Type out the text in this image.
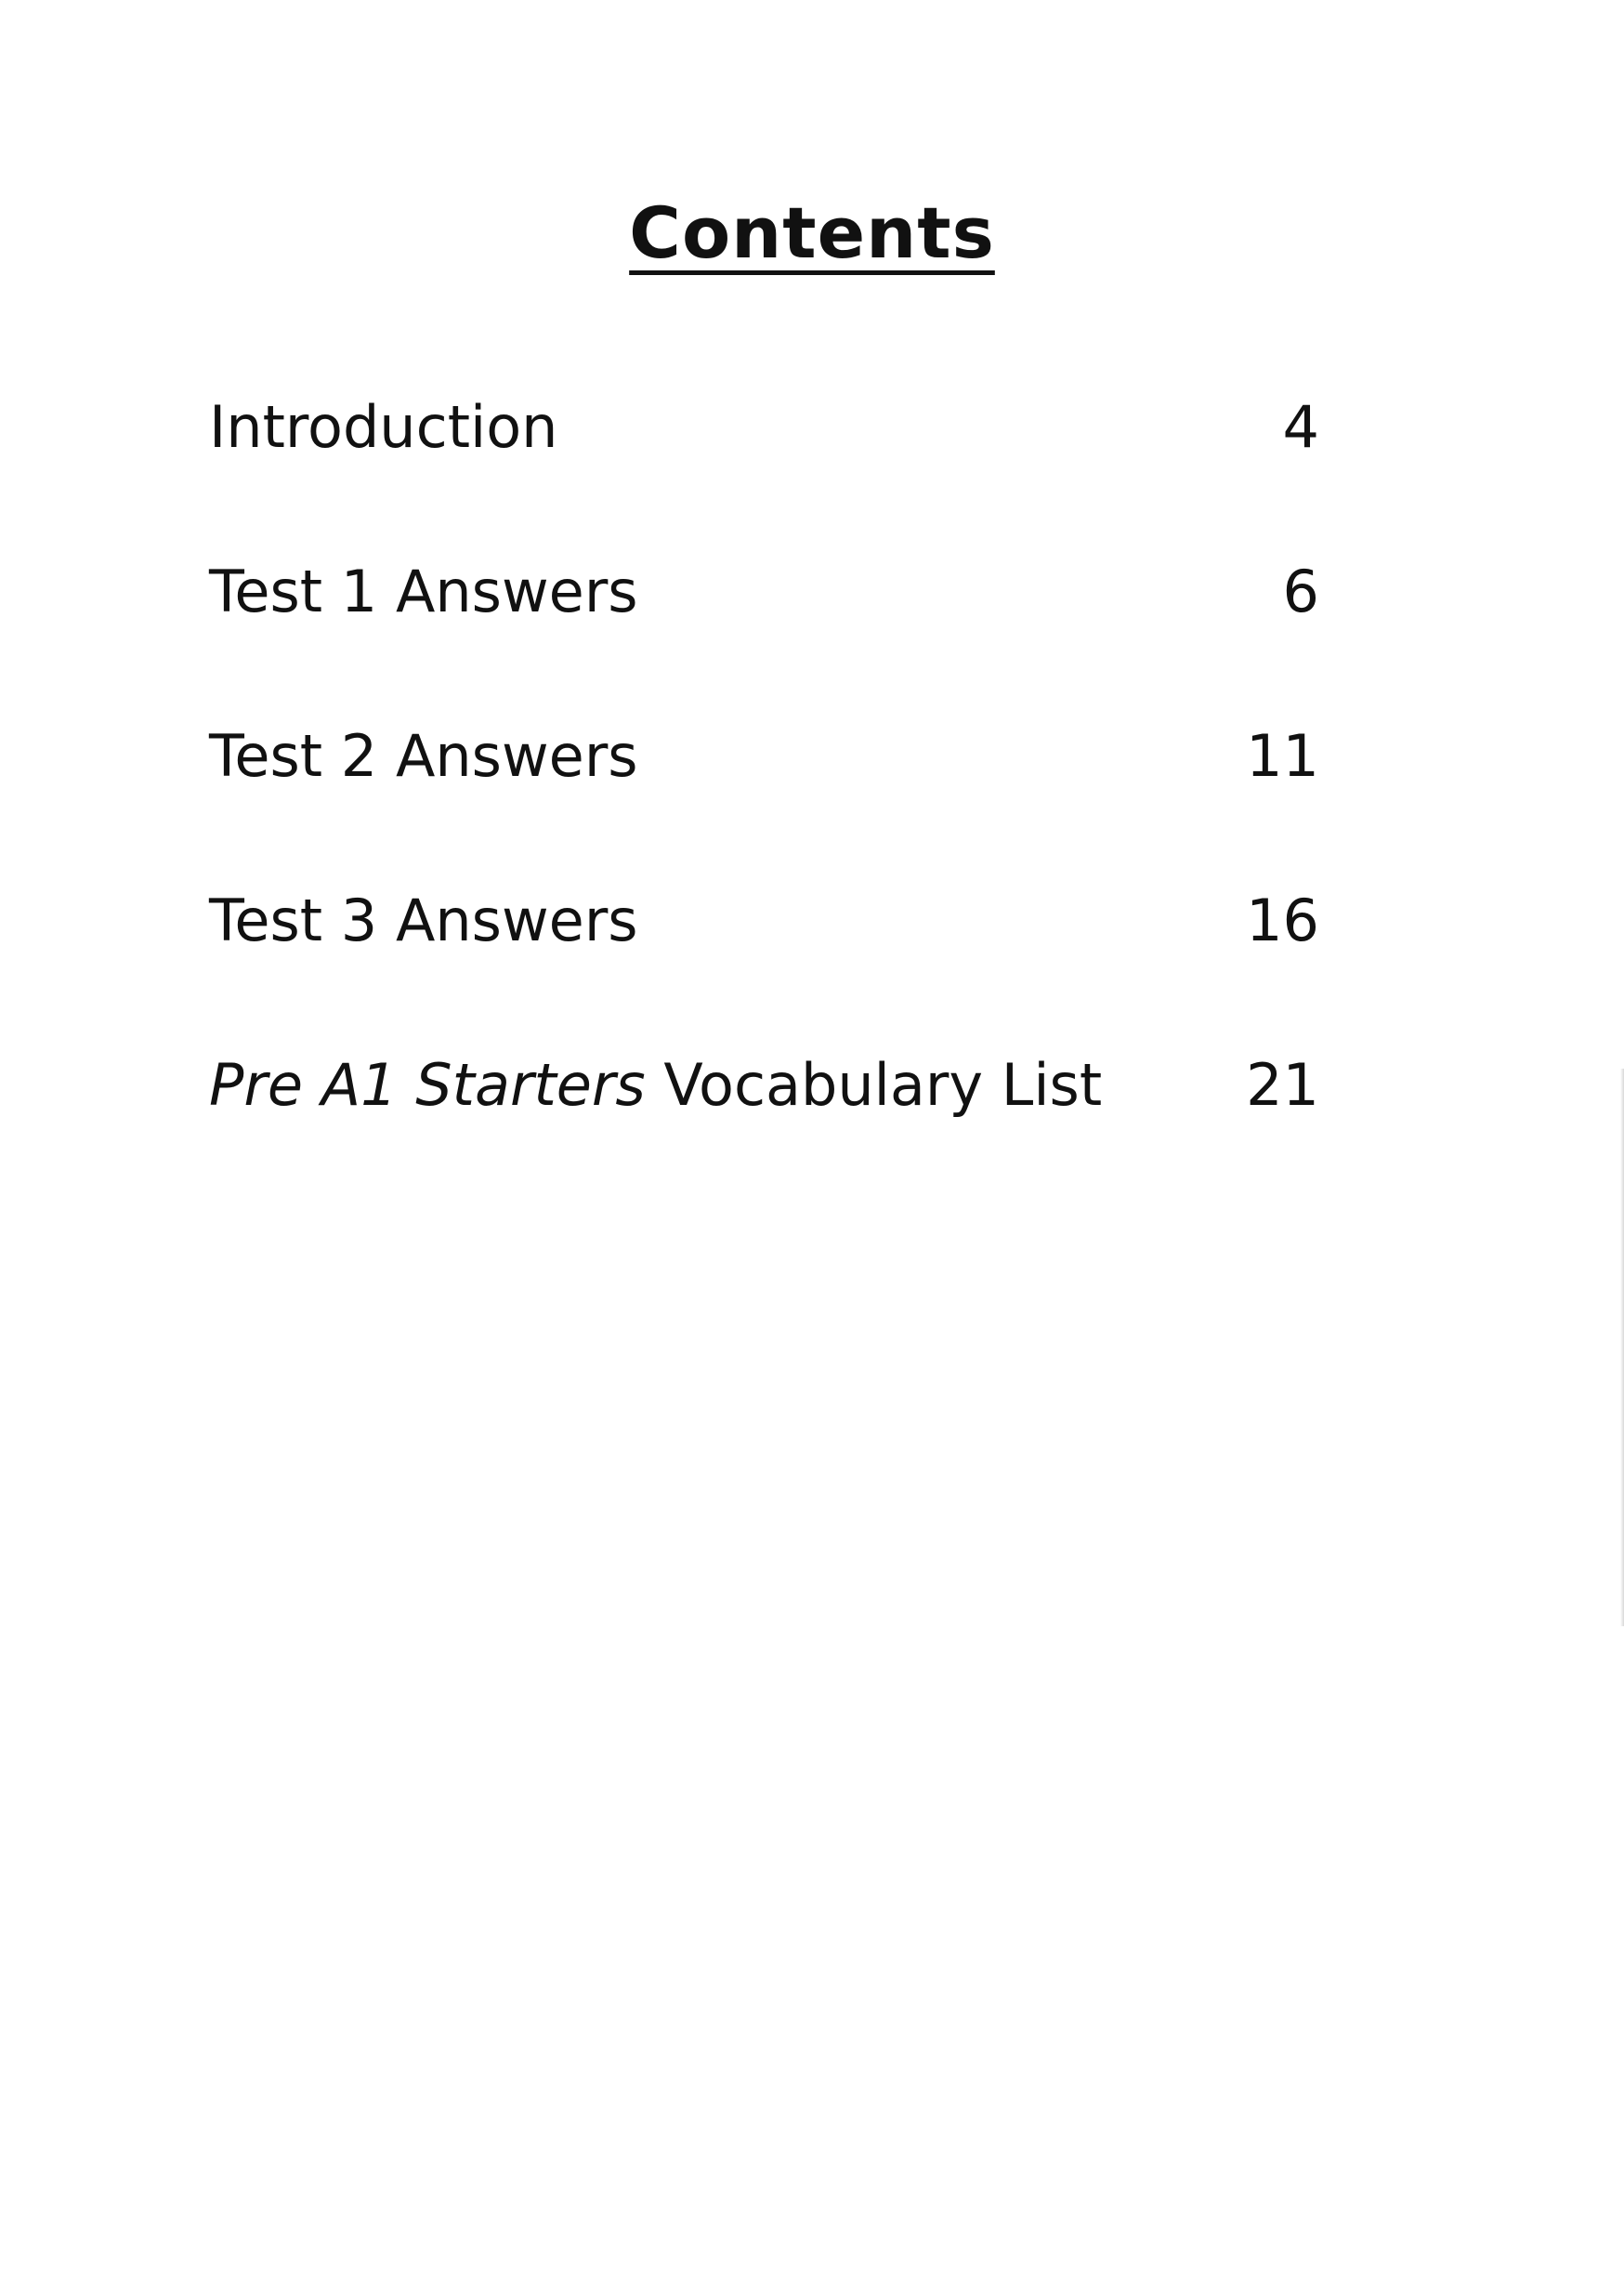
Contents
Introduction	4
Test 1 Answers	6
Test 2 Answers	11
Test 3 Answers	16
Pre A1 Starters Vocabulary List	21
